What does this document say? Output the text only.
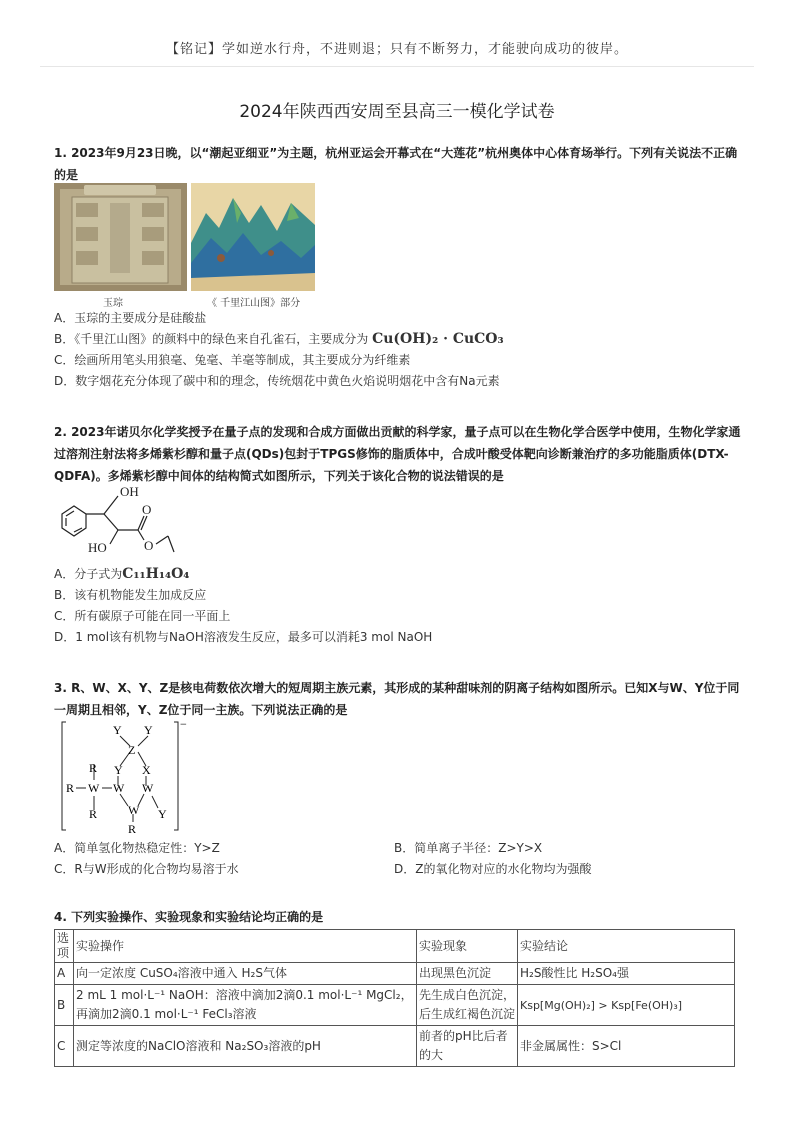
【铭记】学如逆水行舟，不进则退；只有不断努力，才能驶向成功的彼岸。
2024年陕西西安周至县高三一模化学试卷
1. 2023年9月23日晚，以“潮起亚细亚”为主题，杭州亚运会开幕式在“大莲花”杭州奥体中心体育场举行。下列有关说法不正确的是
玉琮	《 千里江山图》部分
A．玉琮的主要成分是硅酸盐
B．《千里江山图》的颜料中的绿色来自孔雀石，主要成分为 Cu(OH)₂ · CuCO₃
C．绘画所用笔头用狼毫、兔毫、羊毫等制成，其主要成分为纤维素
D．数字烟花充分体现了碳中和的理念，传统烟花中黄色火焰说明烟花中含有Na元素
2. 2023年诺贝尔化学奖授予在量子点的发现和合成方面做出贡献的科学家，量子点可以在生物化学合医学中使用，生物化学家通过溶剂注射法将多烯紫杉醇和量子点(QDs)包封于TPGS修饰的脂质体中，合成叶酸受体靶向诊断兼治疗的多功能脂质体(DTX-QDFA)。多烯紫杉醇中间体的结构简式如图所示，下列关于该化合物的说法错误的是
OH
HO
O
O
A．分子式为C₁₁H₁₄O₄
B．该有机物能发生加成反应
C．所有碳原子可能在同一平面上
D．1 mol该有机物与NaOH溶液发生反应，最多可以消耗3 mol NaOH
3. R、W、X、Y、Z是核电荷数依次增大的短周期主族元素，其形成的某种甜味剂的阴离子结构如图所示。已知X与W、Y位于同一周期且相邻，Y、Z位于同一主族。下列说法正确的是
Y Y
Z
Y X
R
R W W W
R	W Y
R
−
A．简单氢化物热稳定性：Y>Z	B．简单离子半径：Z>Y>X
C．R与W形成的化合物均易溶于水	D．Z的氧化物对应的水化物均为强酸
4. 下列实验操作、实验现象和实验结论均正确的是
选项	实验操作	实验现象	实验结论
A	向一定浓度 CuSO₄溶液中通入 H₂S气体	出现黑色沉淀	H₂S酸性比 H₂SO₄强
B	2 mL 1 mol·L⁻¹ NaOH：溶液中滴加2滴0.1 mol·L⁻¹ MgCl₂，再滴加2滴0.1 mol·L⁻¹ FeCl₃溶液	先生成白色沉淀，后生成红褐色沉淀	Ksp[Mg(OH)₂] > Ksp[Fe(OH)₃]
C	测定等浓度的NaClO溶液和 Na₂SO₃溶液的pH	前者的pH比后者的大	非金属属性：S>Cl
